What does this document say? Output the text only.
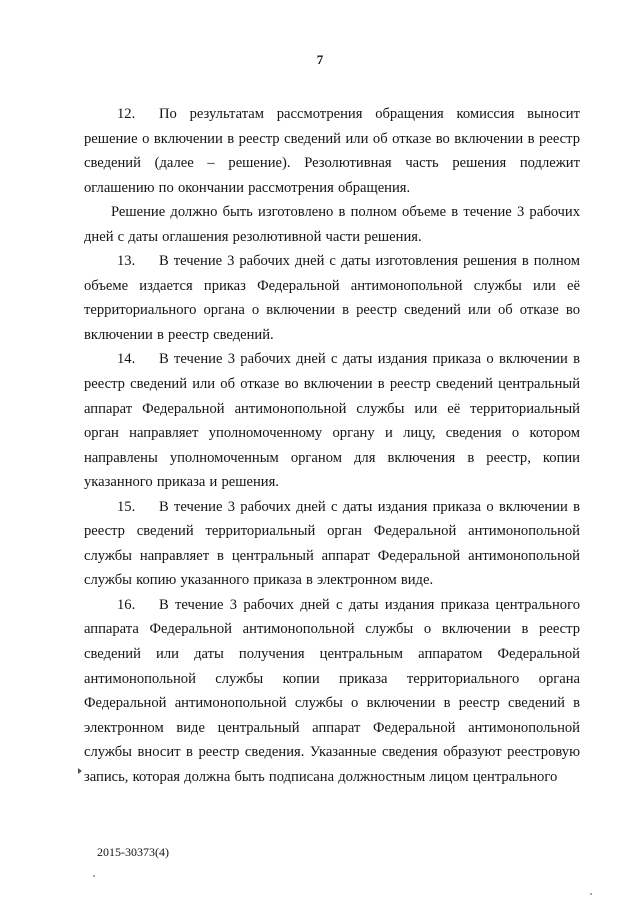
7

12. По результатам рассмотрения обращения комиссия выносит решение о включении в реестр сведений или об отказе во включении в реестр сведений (далее – решение). Резолютивная часть решения подлежит оглашению по окончании рассмотрения обращения.

Решение должно быть изготовлено в полном объеме в течение 3 рабочих дней с даты оглашения резолютивной части решения.

13. В течение 3 рабочих дней с даты изготовления решения в полном объеме издается приказ Федеральной антимонопольной службы или её территориального органа о включении в реестр сведений или об отказе во включении в реестр сведений.

14. В течение 3 рабочих дней с даты издания приказа о включении в реестр сведений или об отказе во включении в реестр сведений центральный аппарат Федеральной антимонопольной службы или её территориальный орган направляет уполномоченному органу и лицу, сведения о котором направлены уполномоченным органом для включения в реестр, копии указанного приказа и решения.

15. В течение 3 рабочих дней с даты издания приказа о включении в реестр сведений территориальный орган Федеральной антимонопольной службы направляет в центральный аппарат Федеральной антимонопольной службы копию указанного приказа в электронном виде.

16. В течение 3 рабочих дней с даты издания приказа центрального аппарата Федеральной антимонопольной службы о включении в реестр сведений или даты получения центральным аппаратом Федеральной антимонопольной службы копии приказа территориального органа Федеральной антимонопольной службы о включении в реестр сведений в электронном виде центральный аппарат Федеральной антимонопольной службы вносит в реестр сведения. Указанные сведения образуют реестровую запись, которая должна быть подписана должностным лицом центрального

2015-30373(4)
